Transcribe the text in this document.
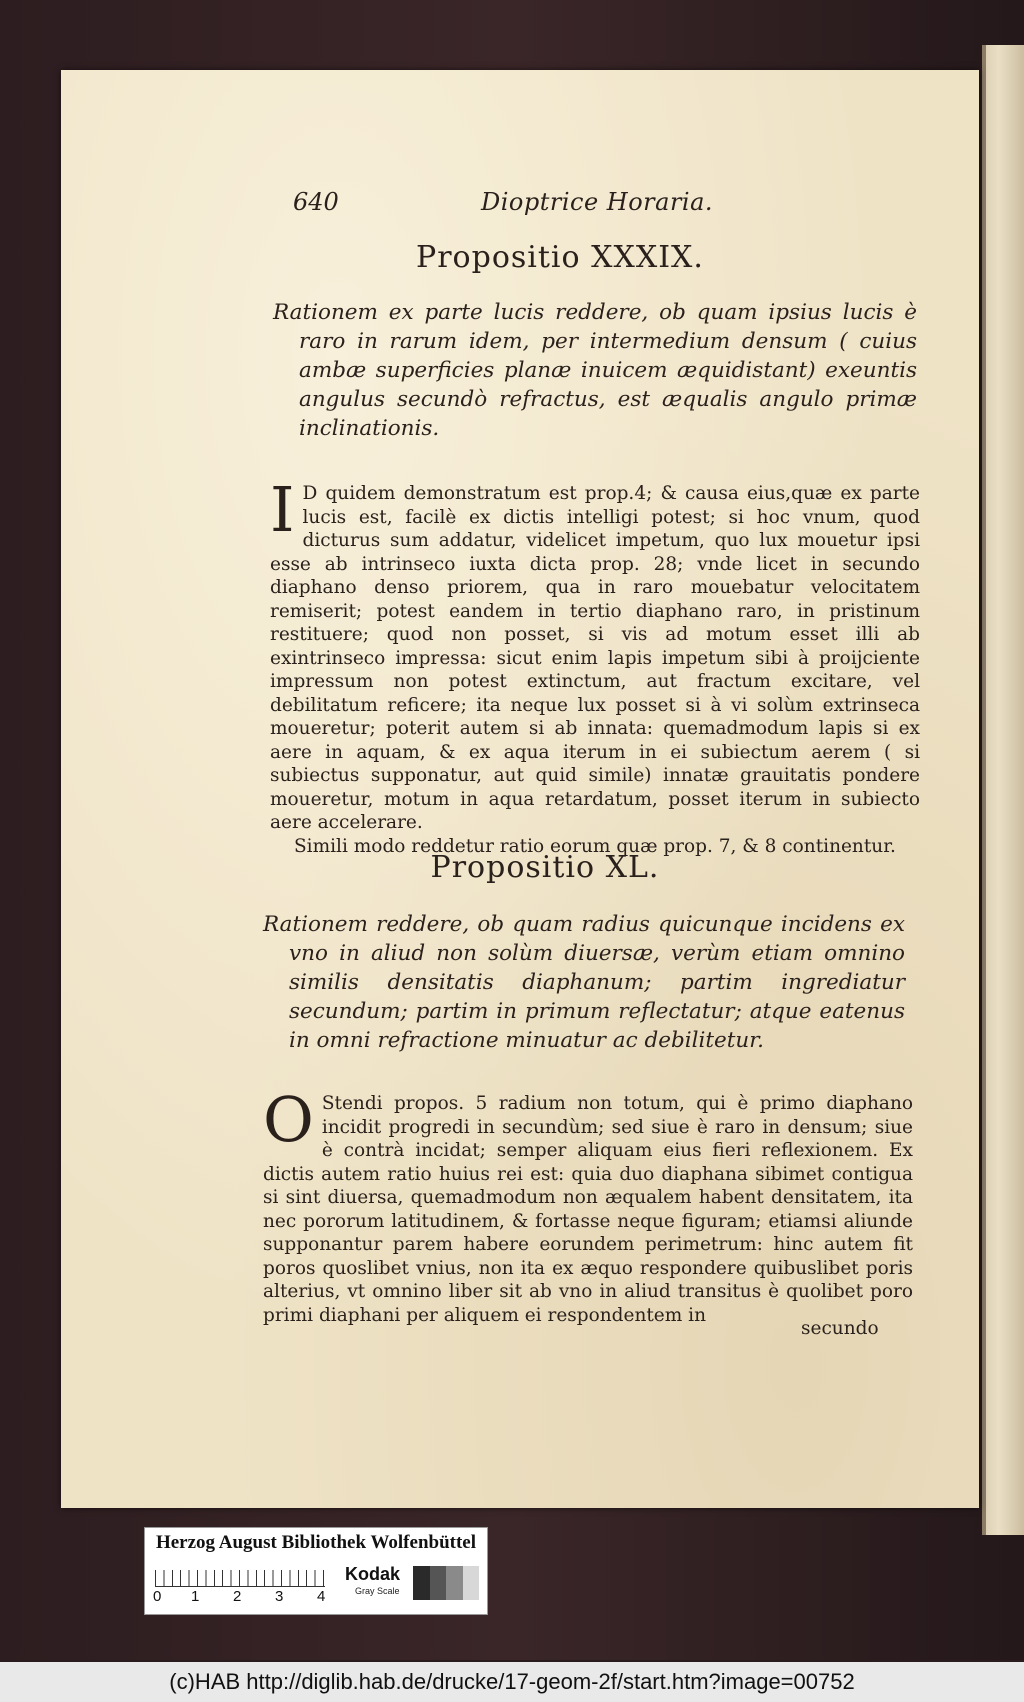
640	Dioptrice Horaria.
Propositio XXXIX.

Rationem ex parte lucis reddere, ob quam ipsius lucis è raro in rarum idem, per intermedium densum ( cuius ambæ superficies planæ inuicem æquidistant) exeuntis angulus secundò refractus, est æqualis angulo primæ inclinationis.

I D quidem demonstratum est prop.4; & causa eius,quæ ex parte lucis est, facilè ex dictis intelligi potest; si hoc vnum, quod dicturus sum addatur, videlicet impetum, quo lux mouetur ipsi esse ab intrinseco iuxta dicta prop. 28; vnde licet in secundo diaphano denso priorem, qua in raro mouebatur velocitatem remiserit; potest eandem in tertio diaphano raro, in pristinum restituere; quod non posset, si vis ad motum esset illi ab exintrinseco impressa: sicut enim lapis impetum sibi à proijciente impressum non potest extinctum, aut fractum excitare, vel debilitatum reficere; ita neque lux posset si à vi solùm extrinseca moueretur; poterit autem si ab innata: quemadmodum lapis si ex aere in aquam, & ex aqua iterum in ei subiectum aerem ( si subiectus supponatur, aut quid simile) innatæ grauitatis pondere moueretur, motum in aqua retardatum, posset iterum in subiecto aere accelerare.

Simili modo reddetur ratio eorum quæ prop. 7, & 8 continentur.

Propositio XL.

Rationem reddere, ob quam radius quicunque incidens ex vno in aliud non solùm diuersæ, verùm etiam omnino similis densitatis diaphanum; partim ingrediatur secundum; partim in primum reflectatur; atque eatenus in omni refractione minuatur ac debilitetur.

O Stendi propos. 5 radium non totum, qui è primo diaphano incidit progredi in secundùm; sed siue è raro in densum; siue è contrà incidat; semper aliquam eius fieri reflexionem. Ex dictis autem ratio huius rei est: quia duo diaphana sibimet contigua si sint diuersa, quemadmodum non æqualem habent densitatem, ita nec pororum latitudinem, & fortasse neque figuram; etiamsi aliunde supponantur parem habere eorundem perimetrum: hinc autem fit poros quoslibet vnius, non ita ex æquo respondere quibuslibet poris alterius, vt omnino liber sit ab vno in aliud transitus è quolibet poro primi diaphani per aliquem ei respondentem in

secundo
Herzog August Bibliothek Wolfenbüttel
0 1 2 3 4
Kodak
Gray Scale
(c)HAB http://diglib.hab.de/drucke/17-geom-2f/start.htm?image=00752
